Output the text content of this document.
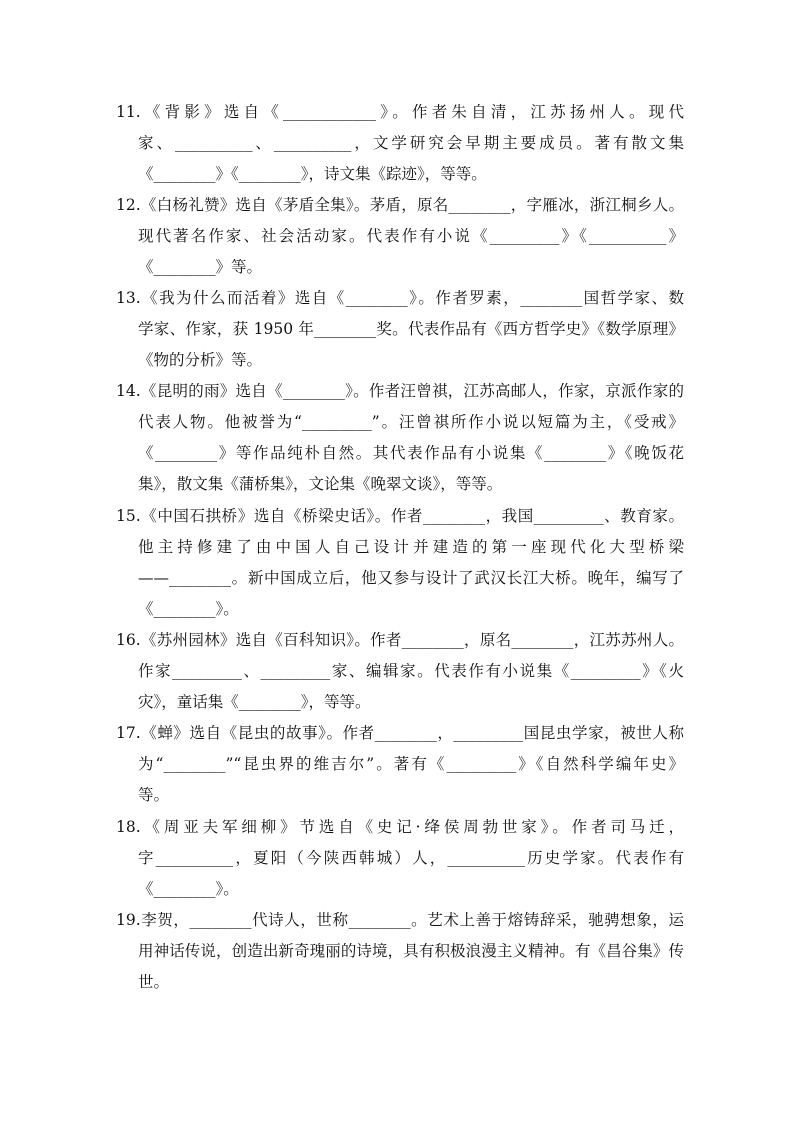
11.《背影》选自《____________》。作者朱自清，江苏扬州人。现代
家、__________、__________，文学研究会早期主要成员。著有散文集
《________》《________》，诗文集《踪迹》，等等。
12.《白杨礼赞》选自《茅盾全集》。茅盾，原名________，字雁冰，浙江桐乡人。
现代著名作家、社会活动家。代表作有小说《_________》《__________》
《________》等。
13.《我为什么而活着》选自《________》。作者罗素，________国哲学家、数
学家、作家，获 1950 年________奖。代表作品有《西方哲学史》《数学原理》
《物的分析》等。
14.《昆明的雨》选自《________》。作者汪曾祺，江苏高邮人，作家，京派作家的
代表人物。他被誉为“_________”。汪曾祺所作小说以短篇为主，《受戒》
《________》等作品纯朴自然。其代表作品有小说集《________》《晚饭花
集》，散文集《蒲桥集》，文论集《晚翠文谈》，等等。
15.《中国石拱桥》选自《桥梁史话》。作者________，我国_________、教育家。
他主持修建了由中国人自己设计并建造的第一座现代化大型桥梁
——________。新中国成立后，他又参与设计了武汉长江大桥。晚年，编写了
《________》。
16.《苏州园林》选自《百科知识》。作者________，原名________，江苏苏州人。
作家_________、_________家、编辑家。代表作有小说集《_________》《火
灾》，童话集《________》，等等。
17.《蝉》选自《昆虫的故事》。作者________，_________国昆虫学家，被世人称
为“________”“昆虫界的维吉尔”。著有《_________》《自然科学编年史》
等。
18.《周亚夫军细柳》节选自《史记·绛侯周勃世家》。作者司马迁，
字__________，夏阳（今陕西韩城）人，__________历史学家。代表作有
《________》。
19.李贺，________代诗人，世称________。艺术上善于熔铸辞采，驰骋想象，运
用神话传说，创造出新奇瑰丽的诗境，具有积极浪漫主义精神。有《昌谷集》传
世。
